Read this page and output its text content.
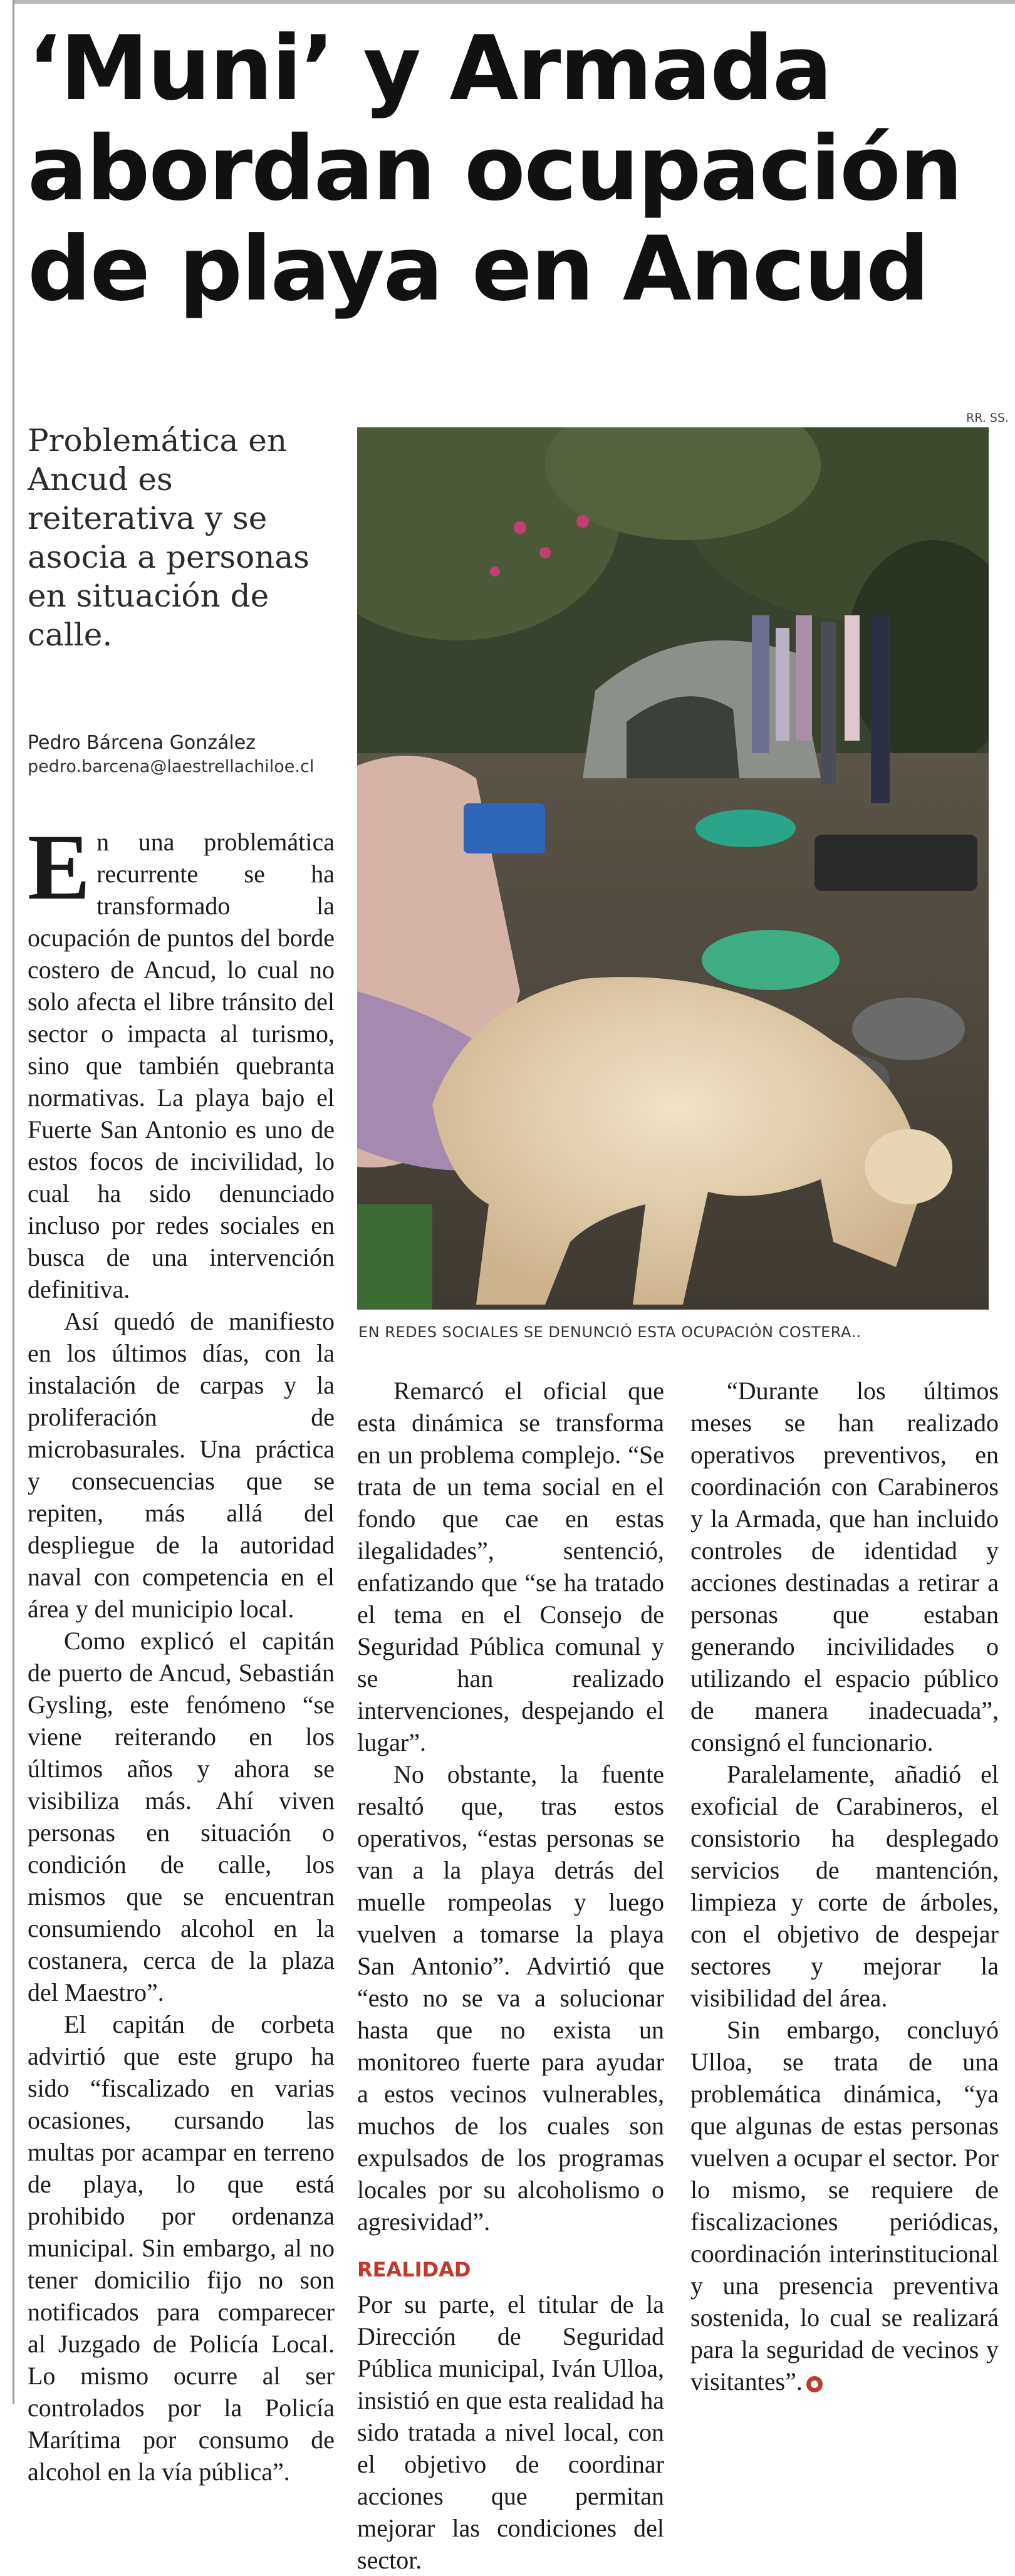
‘Muni’ y Armada
abordan ocupación
de playa en Ancud
Problemática en Ancud es reiterativa y se asocia a personas en situación de calle.
Pedro Bárcena González
pedro.barcena@laestrellachiloe.cl
RR. SS.
EN REDES SOCIALES SE DENUNCIÓ ESTA OCUPACIÓN COSTERA..

En una problemática recurrente se ha transformado la ocupación de puntos del borde costero de Ancud, lo cual no solo afecta el libre tránsito del sector o impacta al turismo, sino que también quebranta normativas. La playa bajo el Fuerte San Antonio es uno de estos focos de incivilidad, lo cual ha sido denunciado incluso por redes sociales en busca de una intervención definitiva.

Así quedó de manifiesto en los últimos días, con la instalación de carpas y la proliferación de microbasurales. Una práctica y consecuencias que se repiten, más allá del despliegue de la autoridad naval con competencia en el área y del municipio local.

Como explicó el capitán de puerto de Ancud, Sebastián Gysling, este fenómeno “se viene reiterando en los últimos años y ahora se visibiliza más. Ahí viven personas en situación o condición de calle, los mismos que se encuentran consumiendo alcohol en la costanera, cerca de la plaza del Maestro”.

El capitán de corbeta advirtió que este grupo ha sido “fiscalizado en varias ocasiones, cursando las multas por acampar en terreno de playa, lo que está prohibido por ordenanza municipal. Sin embargo, al no tener domicilio fijo no son notificados para comparecer al Juzgado de Policía Local. Lo mismo ocurre al ser controlados por la Policía Marítima por consumo de alcohol en la vía pública”.

Remarcó el oficial que esta dinámica se transforma en un problema complejo. “Se trata de un tema social en el fondo que cae en estas ilegalidades”, sentenció, enfatizando que “se ha tratado el tema en el Consejo de Seguridad Pública comunal y se han realizado intervenciones, despejando el lugar”.

No obstante, la fuente resaltó que, tras estos operativos, “estas personas se van a la playa detrás del muelle rompeolas y luego vuelven a tomarse la playa San Antonio”. Advirtió que “esto no se va a solucionar hasta que no exista un monitoreo fuerte para ayudar a estos vecinos vulnerables, muchos de los cuales son expulsados de los programas locales por su alcoholismo o agresividad”.

REALIDAD

Por su parte, el titular de la Dirección de Seguridad Pública municipal, Iván Ulloa, insistió en que esta realidad ha sido tratada a nivel local, con el objetivo de coordinar acciones que permitan mejorar las condiciones del sector.

“Durante los últimos meses se han realizado operativos preventivos, en coordinación con Carabineros y la Armada, que han incluido controles de identidad y acciones destinadas a retirar a personas que estaban generando incivilidades o utilizando el espacio público de manera inadecuada”, consignó el funcionario.

Paralelamente, añadió el exoficial de Carabineros, el consistorio ha desplegado servicios de mantención, limpieza y corte de árboles, con el objetivo de despejar sectores y mejorar la visibilidad del área.

Sin embargo, concluyó Ulloa, se trata de una problemática dinámica, “ya que algunas de estas personas vuelven a ocupar el sector. Por lo mismo, se requiere de fiscalizaciones periódicas, coordinación interinstitucional y una presencia preventiva sostenida, lo cual se realizará para la seguridad de vecinos y visitantes”.
